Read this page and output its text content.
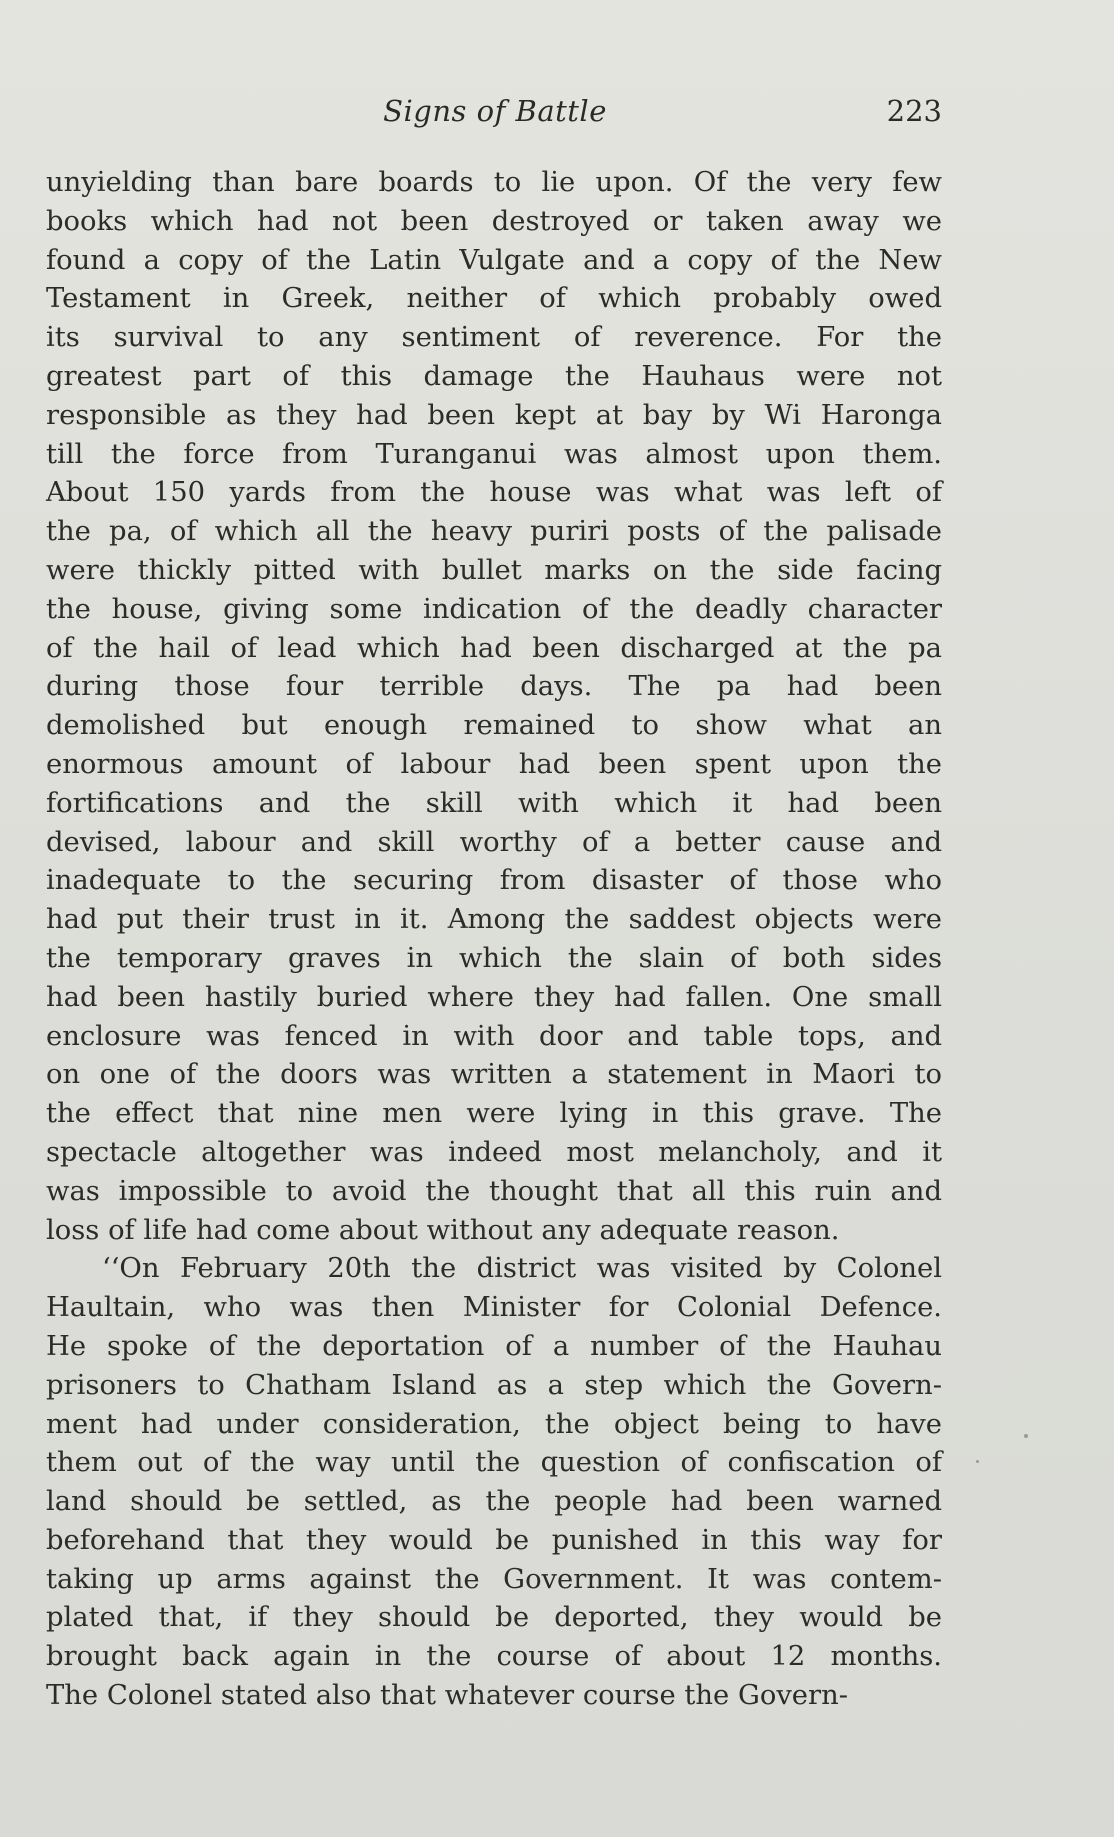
Signs of Battle	223
unyielding than bare boards to lie upon. Of the very few
books which had not been destroyed or taken away we
found a copy of the Latin Vulgate and a copy of the New
Testament in Greek, neither of which probably owed
its survival to any sentiment of reverence. For the
greatest part of this damage the Hauhaus were not
responsible as they had been kept at bay by Wi Haronga
till the force from Turanganui was almost upon them.
About 150 yards from the house was what was left of
the pa, of which all the heavy puriri posts of the palisade
were thickly pitted with bullet marks on the side facing
the house, giving some indication of the deadly character
of the hail of lead which had been discharged at the pa
during those four terrible days. The pa had been
demolished but enough remained to show what an
enormous amount of labour had been spent upon the
fortifications and the skill with which it had been
devised, labour and skill worthy of a better cause and
inadequate to the securing from disaster of those who
had put their trust in it. Among the saddest objects were
the temporary graves in which the slain of both sides
had been hastily buried where they had fallen. One small
enclosure was fenced in with door and table tops, and
on one of the doors was written a statement in Maori to
the effect that nine men were lying in this grave. The
spectacle altogether was indeed most melancholy, and it
was impossible to avoid the thought that all this ruin and
loss of life had come about without any adequate reason.
‘‘On February 20th the district was visited by Colonel
Haultain, who was then Minister for Colonial Defence.
He spoke of the deportation of a number of the Hauhau
prisoners to Chatham Island as a step which the Govern-
ment had under consideration, the object being to have
them out of the way until the question of confiscation of
land should be settled, as the people had been warned
beforehand that they would be punished in this way for
taking up arms against the Government. It was contem-
plated that, if they should be deported, they would be
brought back again in the course of about 12 months.
The Colonel stated also that whatever course the Govern-
